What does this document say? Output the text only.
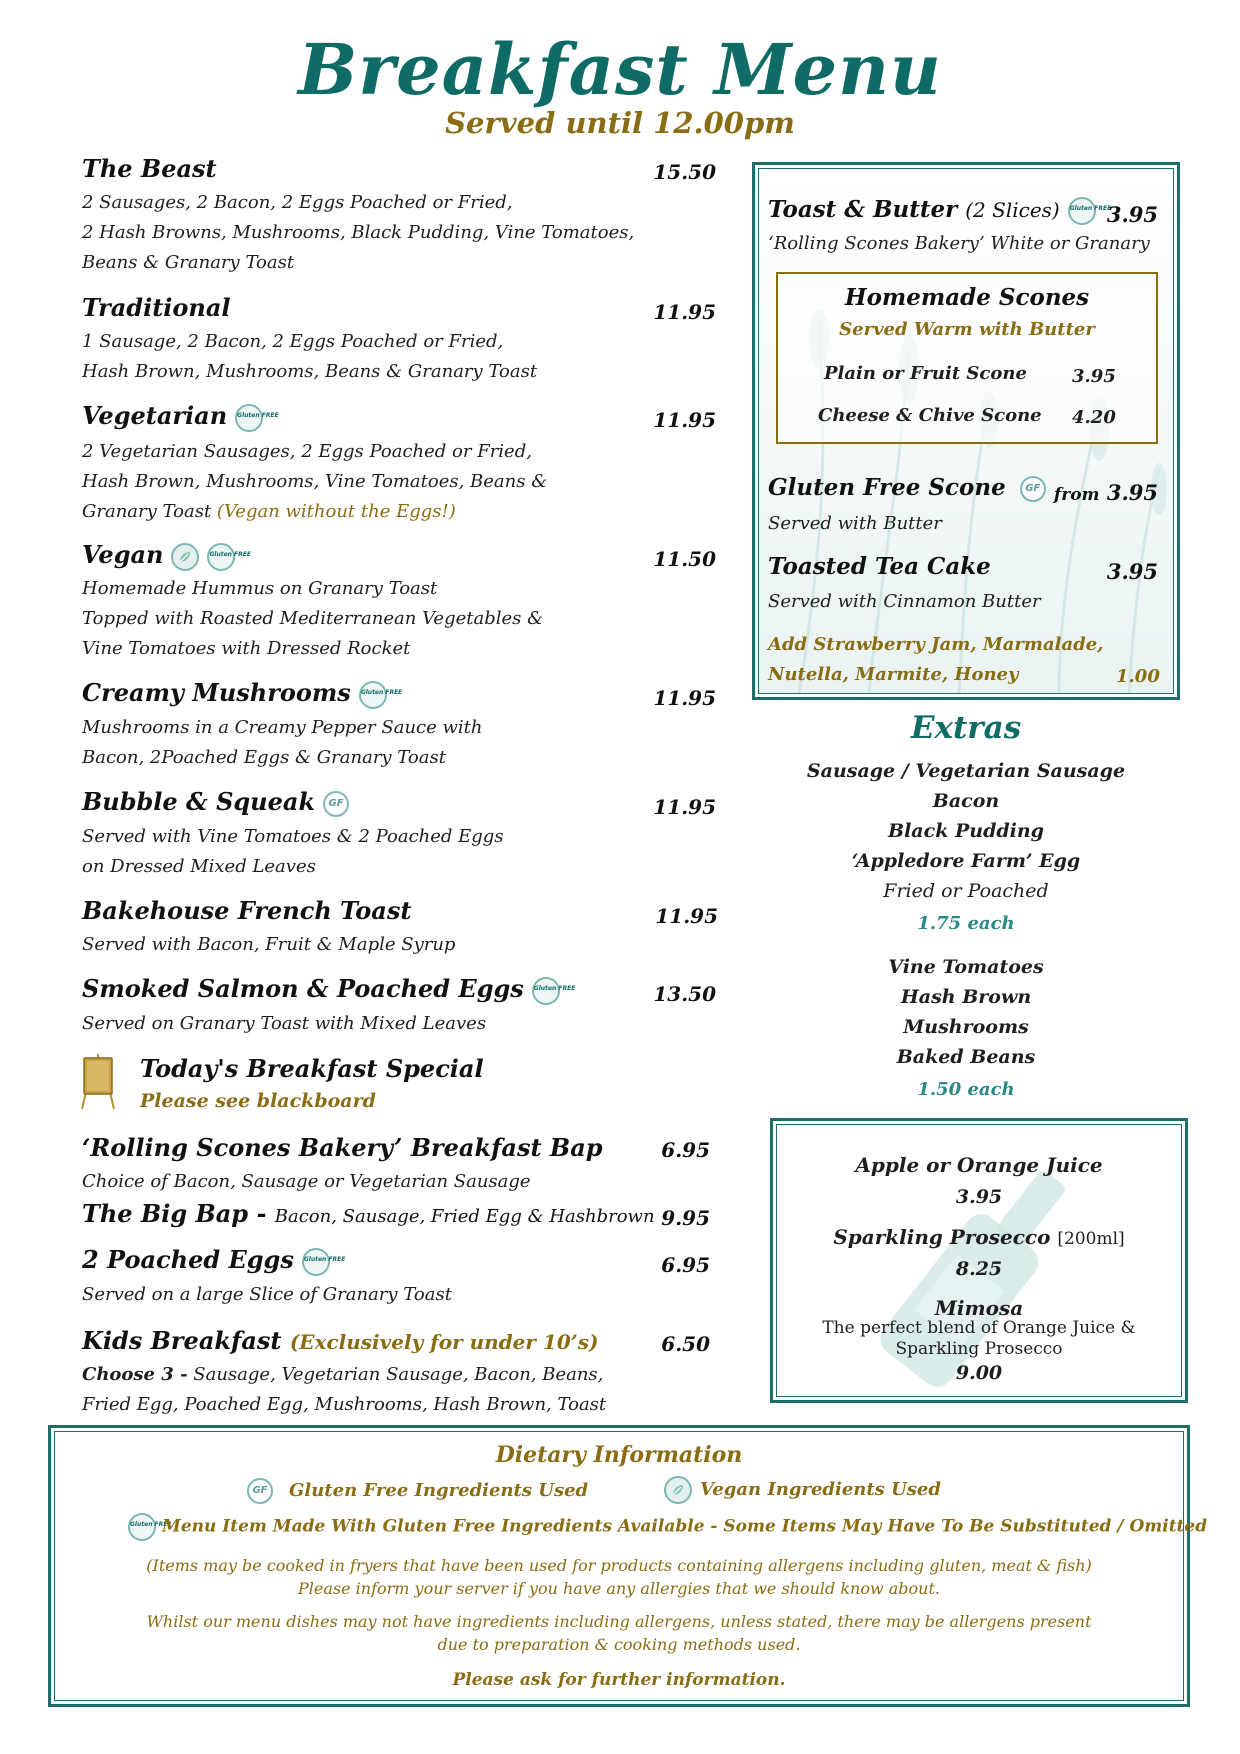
Breakfast Menu
Served until 12.00pm
The Beast	15.50
2 Sausages, 2 Bacon, 2 Eggs Poached or Fried,
2 Hash Browns, Mushrooms, Black Pudding, Vine Tomatoes,
Beans & Granary Toast
Traditional	11.95
1 Sausage, 2 Bacon, 2 Eggs Poached or Fried,
Hash Brown, Mushrooms, Beans & Granary Toast
Vegetarian Gluten FREE	11.95
2 Vegetarian Sausages, 2 Eggs Poached or Fried,
Hash Brown, Mushrooms, Vine Tomatoes, Beans &
Granary Toast (Vegan without the Eggs!)
Vegan	Gluten FREE	11.50
Homemade Hummus on Granary Toast
Topped with Roasted Mediterranean Vegetables &
Vine Tomatoes with Dressed Rocket
Creamy Mushrooms Gluten FREE	11.95
Mushrooms in a Creamy Pepper Sauce with
Bacon, 2Poached Eggs & Granary Toast
Bubble & Squeak GF	11.95
Served with Vine Tomatoes & 2 Poached Eggs
on Dressed Mixed Leaves
Bakehouse French Toast	11.95
Served with Bacon, Fruit & Maple Syrup
Smoked Salmon & Poached Eggs Gluten FREE	13.50
Served on Granary Toast with Mixed Leaves
Today's Breakfast Special
Please see blackboard
‘Rolling Scones Bakery’ Breakfast Bap	6.95
Choice of Bacon, Sausage or Vegetarian Sausage
The Big Bap - Bacon, Sausage, Fried Egg & Hashbrown 9.95
2 Poached Eggs Gluten FREE	6.95
Served on a large Slice of Granary Toast
Kids Breakfast (Exclusively for under 10’s)	6.50
Choose 3 - Sausage, Vegetarian Sausage, Bacon, Beans,
Fried Egg, Poached Egg, Mushrooms, Hash Brown, Toast
Toast & Butter (2 Slices) Gluten FREE
3.95
‘Rolling Scones Bakery’ White or Granary
Homemade Scones
Served Warm with Butter
Plain or Fruit Scone	3.95
Cheese & Chive Scone 4.20
Gluten Free Scone GF from 3.95
Served with Butter
Toasted Tea Cake	3.95
Served with Cinnamon Butter
Add Strawberry Jam, Marmalade,
Nutella, Marmite, Honey	1.00
Extras
Sausage / Vegetarian Sausage
Bacon
Black Pudding
‘Appledore Farm’ Egg
Fried or Poached
1.75 each
Vine Tomatoes
Hash Brown
Mushrooms
Baked Beans
1.50 each
Apple or Orange Juice
3.95
Sparkling Prosecco [200ml]
8.25
Mimosa
The perfect blend of Orange Juice &
Sparkling Prosecco
9.00
Dietary Information
GF Gluten Free Ingredients Used	Vegan Ingredients Used
Gluten FREEMenu Item Made With Gluten Free Ingredients Available - Some Items May Have To Be Substituted / Omitted
(Items may be cooked in fryers that have been used for products containing allergens including gluten, meat & fish)
Please inform your server if you have any allergies that we should know about.
Whilst our menu dishes may not have ingredients including allergens, unless stated, there may be allergens present
due to preparation & cooking methods used.
Please ask for further information.
